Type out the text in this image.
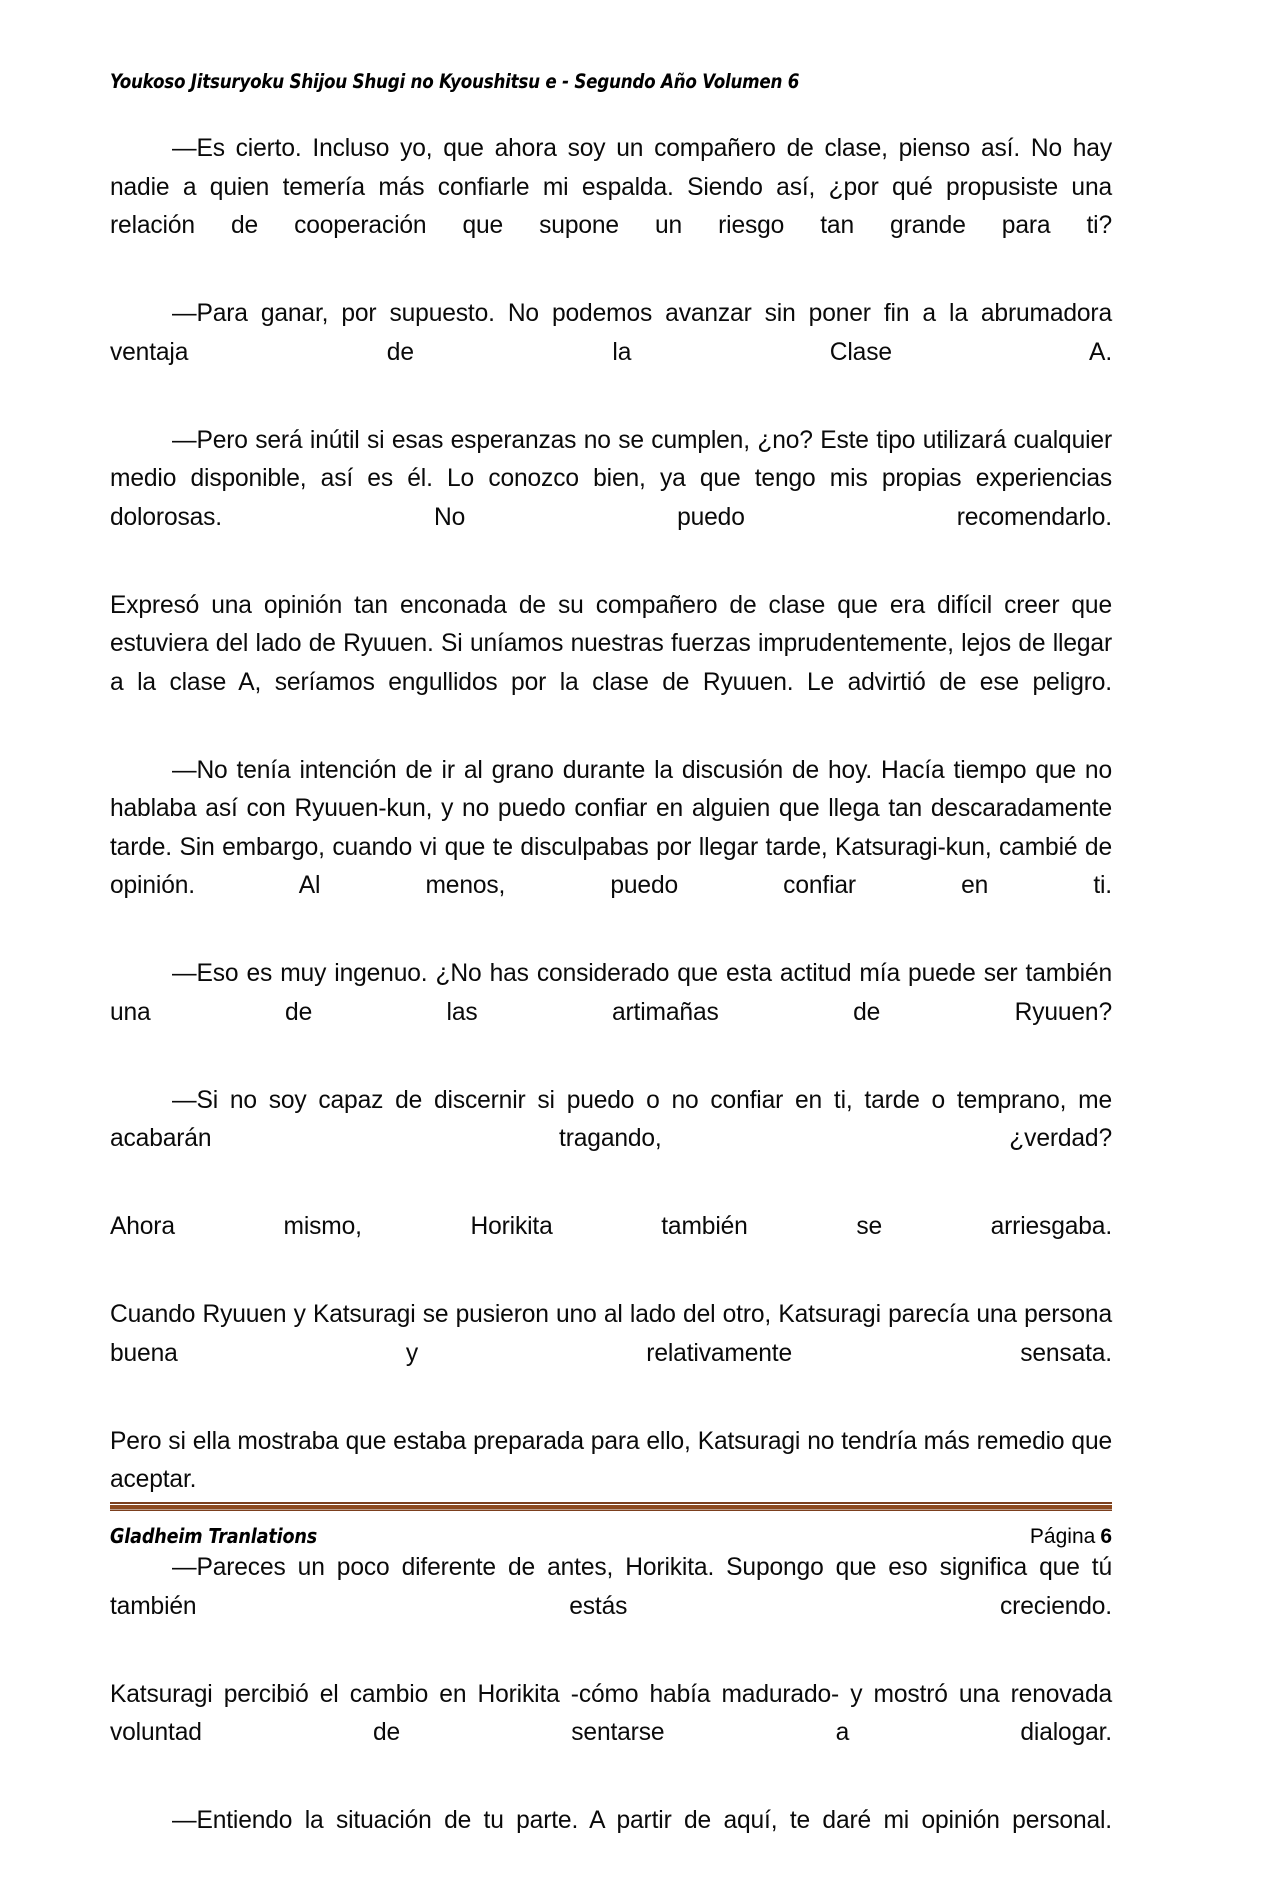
Youkoso Jitsuryoku Shijou Shugi no Kyoushitsu e - Segundo Año Volumen 6

—Es cierto. Incluso yo, que ahora soy un compañero de clase, pienso así. No hay nadie a quien temería más confiarle mi espalda. Siendo así, ¿por qué propusiste una relación de cooperación que supone un riesgo tan grande para ti?

—Para ganar, por supuesto. No podemos avanzar sin poner fin a la abrumadora ventaja de la Clase A.

—Pero será inútil si esas esperanzas no se cumplen, ¿no? Este tipo utilizará cualquier medio disponible, así es él. Lo conozco bien, ya que tengo mis propias experiencias dolorosas. No puedo recomendarlo.

Expresó una opinión tan enconada de su compañero de clase que era difícil creer que estuviera del lado de Ryuuen. Si uníamos nuestras fuerzas imprudentemente, lejos de llegar a la clase A, seríamos engullidos por la clase de Ryuuen. Le advirtió de ese peligro.

—No tenía intención de ir al grano durante la discusión de hoy. Hacía tiempo que no hablaba así con Ryuuen-kun, y no puedo confiar en alguien que llega tan descaradamente tarde. Sin embargo, cuando vi que te disculpabas por llegar tarde, Katsuragi-kun, cambié de opinión. Al menos, puedo confiar en ti.

—Eso es muy ingenuo. ¿No has considerado que esta actitud mía puede ser también una de las artimañas de Ryuuen?

—Si no soy capaz de discernir si puedo o no confiar en ti, tarde o temprano, me acabarán tragando, ¿verdad?

Ahora mismo, Horikita también se arriesgaba.

Cuando Ryuuen y Katsuragi se pusieron uno al lado del otro, Katsuragi parecía una persona buena y relativamente sensata.

Pero si ella mostraba que estaba preparada para ello, Katsuragi no tendría más remedio que aceptar.

—Pareces un poco diferente de antes, Horikita. Supongo que eso significa que tú también estás creciendo.

Katsuragi percibió el cambio en Horikita -cómo había madurado- y mostró una renovada voluntad de sentarse a dialogar.

—Entiendo la situación de tu parte. A partir de aquí, te daré mi opinión personal.

Gladheim Tranlations	Página 6
